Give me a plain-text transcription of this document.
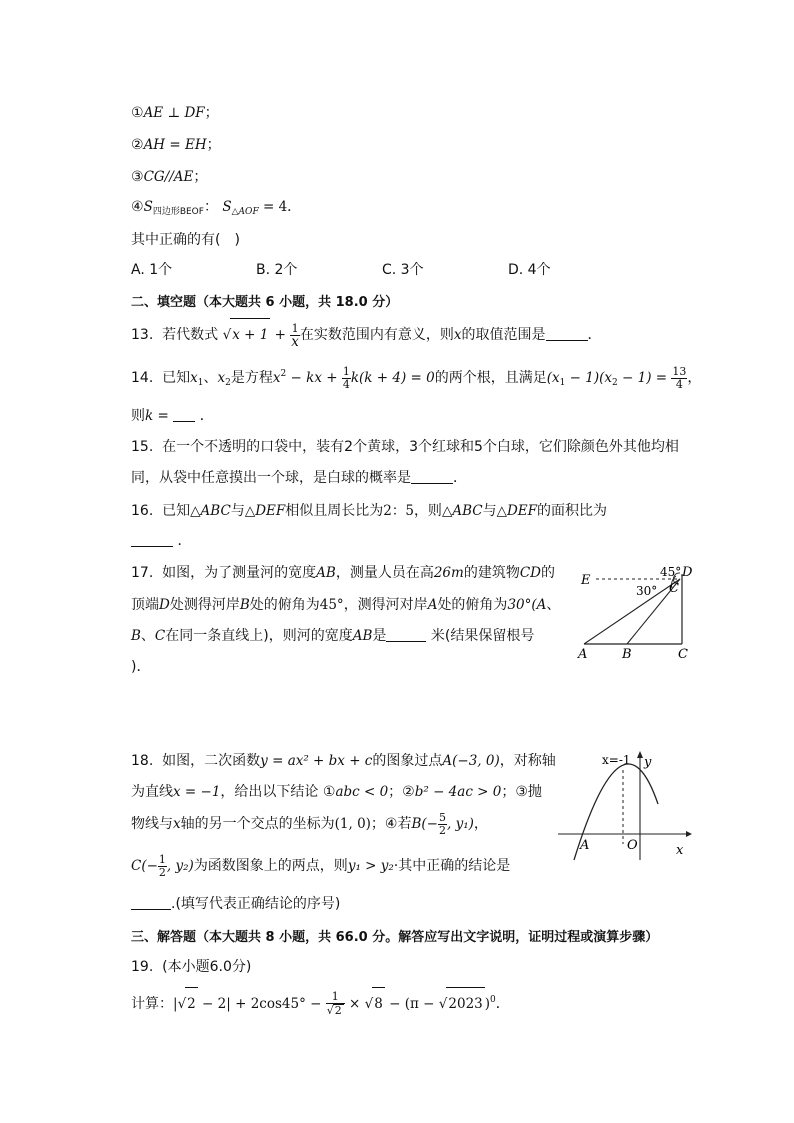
①AE ⊥ DF；
②AH = EH；
③CG//AE；
$④S_{四边形BEOF}$： $S_{\triangle AOF} = 4$．
其中正确的有(　)
A. 1个	B. 2个	C. 3个	D. 4个
二、填空题（本大题共 6 小题，共 18.0 分）
13. 若代数式 $√x + 1 + \frac{1}{x}$ 在实数范围内有意义，则x的取值范围是	．
14. 已知$x_1$、$x_2$是方程$x^2$ − kx + $\frac{1}{4} k(k + 4) = 0$的两个根，且满足$(x_1 - 1)(x_2 - 1) = \frac{13}{4}$ ，
则k = ．
15. 在一个不透明的口袋中，装有2个黄球，3个红球和5个白球，它们除颜色外其他均相
同，从袋中任意摸出一个球，是白球的概率是	．
16. 已知△ABC与△DEF相似且周长比为2：5，则△ABC与△DEF的面积比为
．
17. 如图，为了测量河的宽度AB，测量人员在高26m的建筑物CD的
顶端D处测得河岸B处的俯角为45°，测得河对岸A处的俯角为30°(A、
B、C在同一条直线上)，则河的宽度AB是	米(结果保留根号
)．
E
D
45°
30° C
A	B	C
18. 如图，二次函数y = ax² + bx + c的图象过点A(−3, 0)，对称轴
为直线x = −1，给出以下结论 ①abc < 0；②b² − 4ac > 0；③抛
物线与x轴的另一个交点的坐标为(1, 0)；④若$B(- \frac{5}{2}$ , y₁)，
$C(- \frac{1}{2}$ , y₂)为函数图象上的两点，则y₁ > y₂·其中正确的结论是
.(填写代表正确结论的序号)
x=-1 y
x
A	O
三、解答题（本大题共 8 小题，共 66.0 分。解答应写出文字说明，证明过程或演算步骤）
19. (本小题6.0分)
计算：$|√2 - 2| + 2\cos 45^\circ - \frac{1}{√2} \times √8 - (\pi - √2023$ )$^0$．
